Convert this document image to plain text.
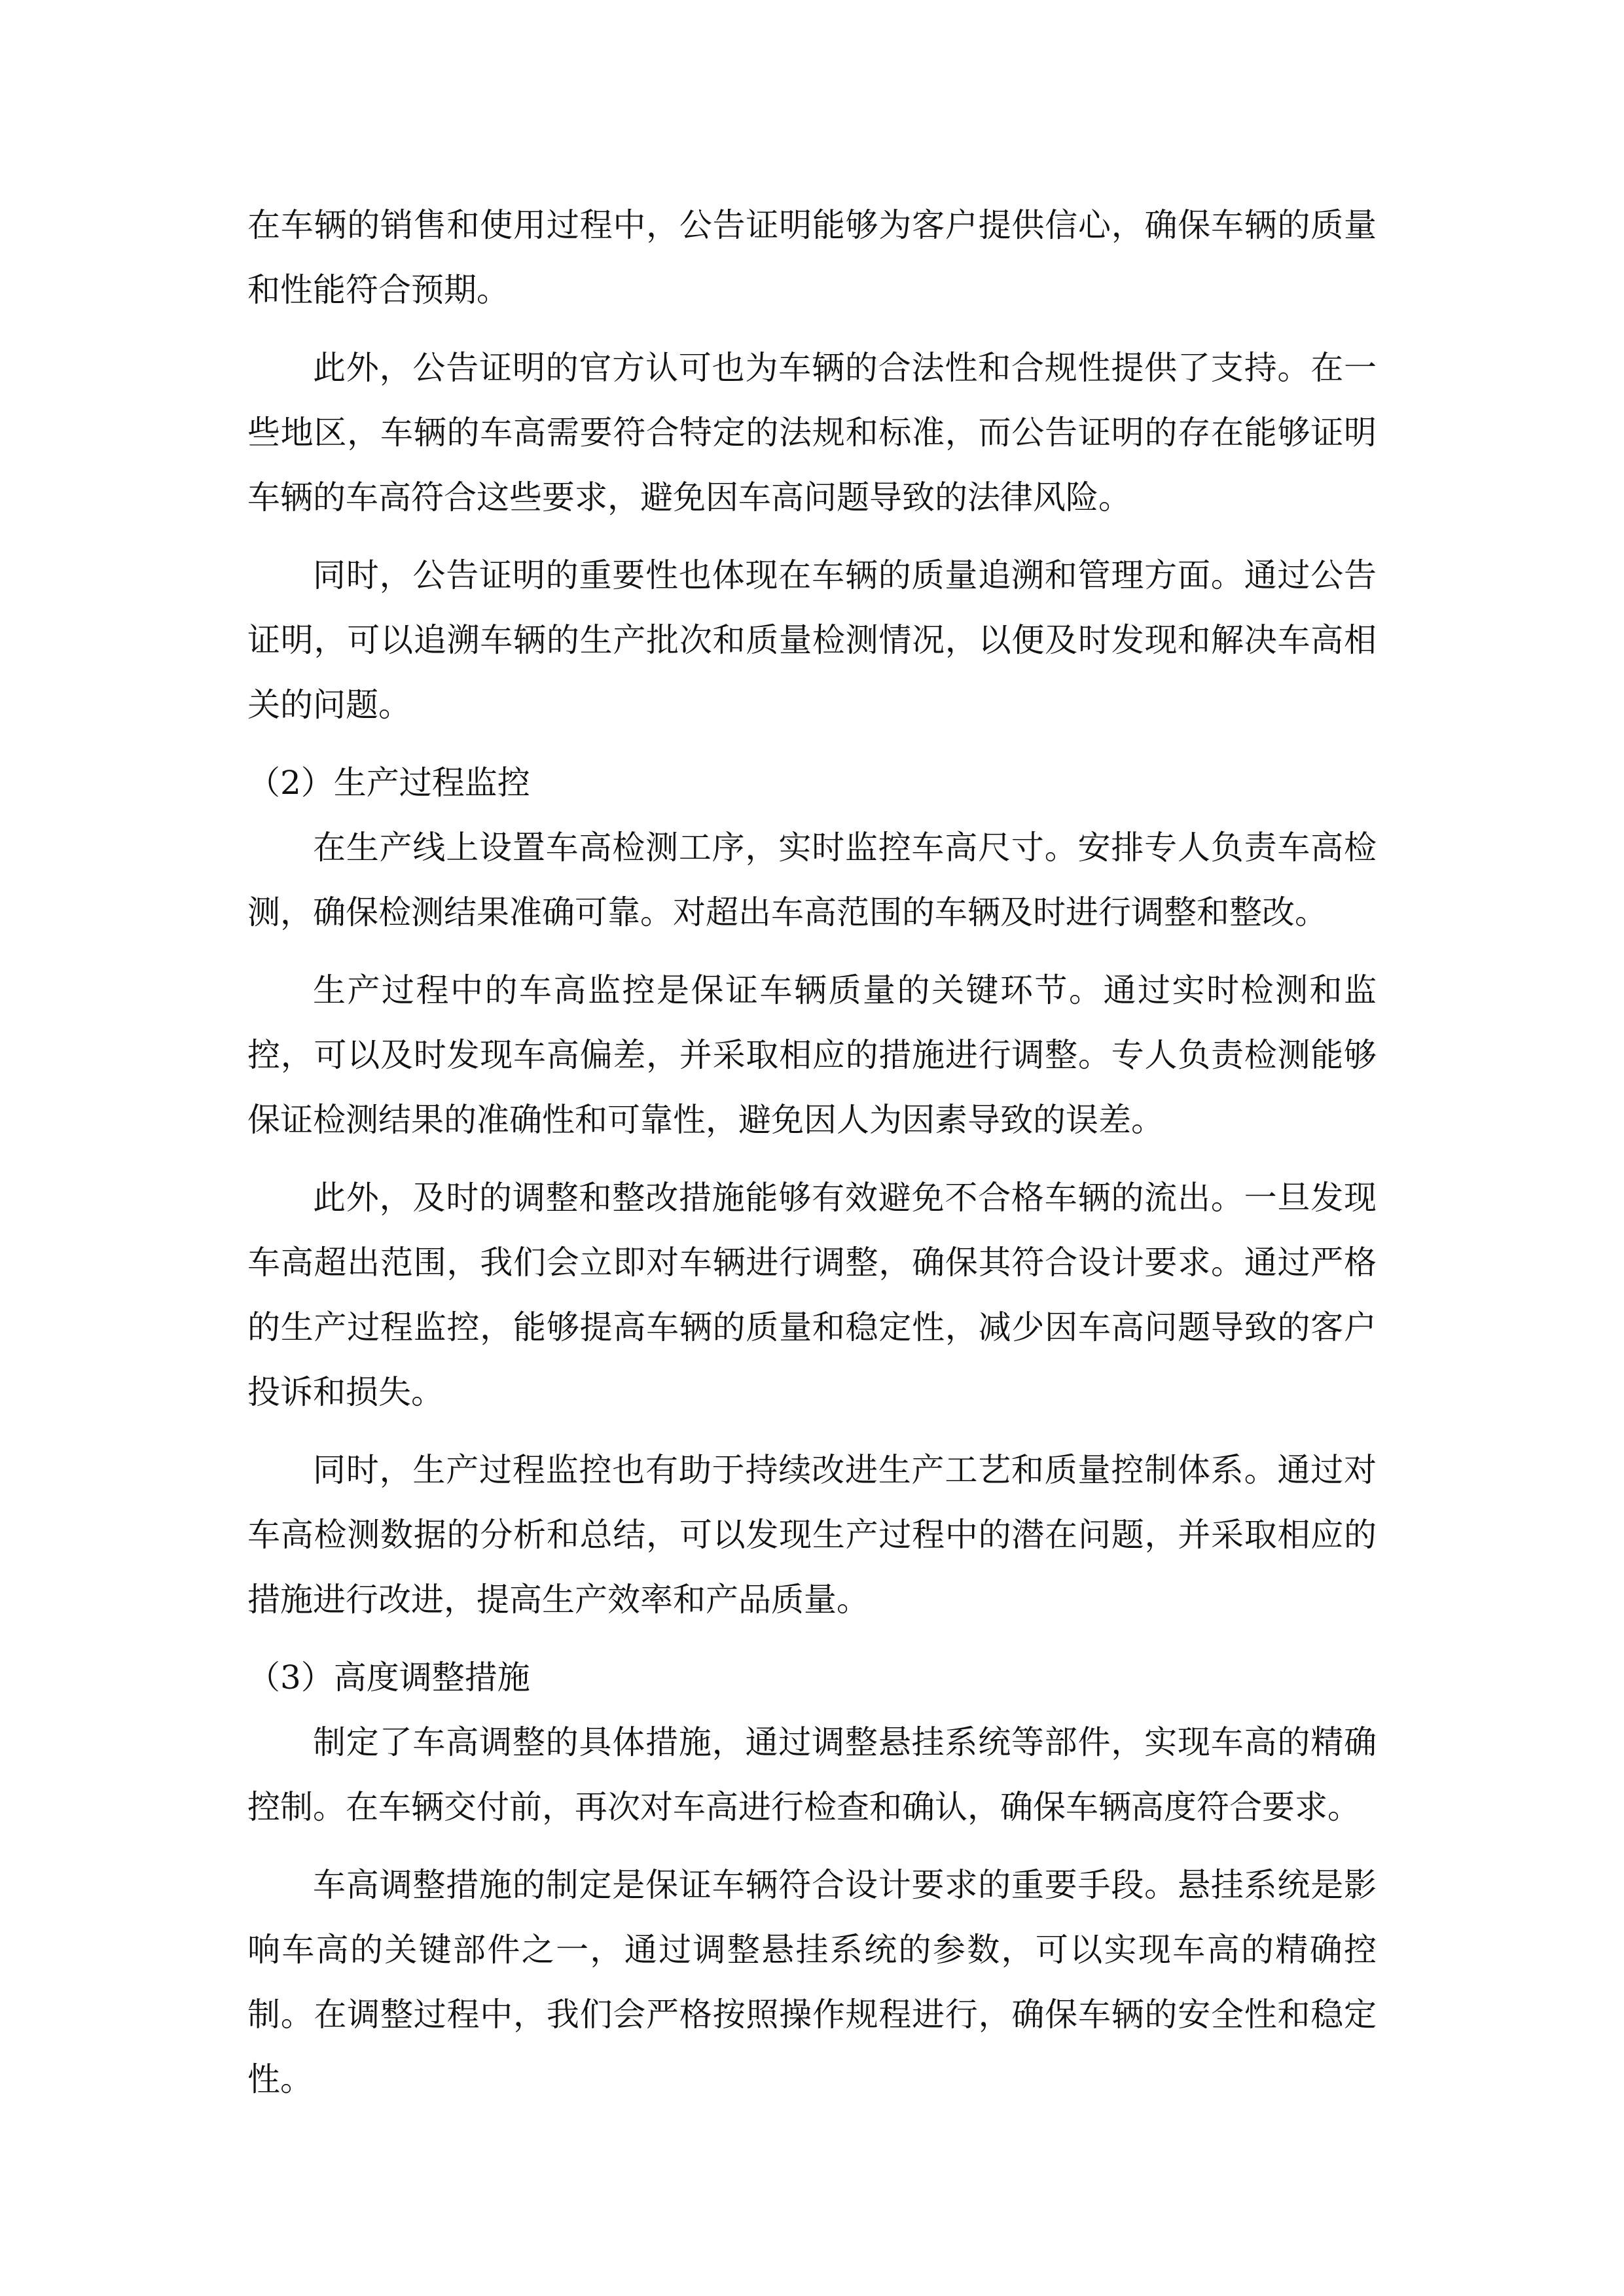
在车辆的销售和使用过程中，公告证明能够为客户提供信心，确保车辆的质量和性能符合预期。

此外，公告证明的官方认可也为车辆的合法性和合规性提供了支持。在一些地区，车辆的车高需要符合特定的法规和标准，而公告证明的存在能够证明车辆的车高符合这些要求，避免因车高问题导致的法律风险。

同时，公告证明的重要性也体现在车辆的质量追溯和管理方面。通过公告证明，可以追溯车辆的生产批次和质量检测情况，以便及时发现和解决车高相关的问题。

（2）生产过程监控

在生产线上设置车高检测工序，实时监控车高尺寸。安排专人负责车高检测，确保检测结果准确可靠。对超出车高范围的车辆及时进行调整和整改。

生产过程中的车高监控是保证车辆质量的关键环节。通过实时检测和监控，可以及时发现车高偏差，并采取相应的措施进行调整。专人负责检测能够保证检测结果的准确性和可靠性，避免因人为因素导致的误差。

此外，及时的调整和整改措施能够有效避免不合格车辆的流出。一旦发现车高超出范围，我们会立即对车辆进行调整，确保其符合设计要求。通过严格的生产过程监控，能够提高车辆的质量和稳定性，减少因车高问题导致的客户投诉和损失。

同时，生产过程监控也有助于持续改进生产工艺和质量控制体系。通过对车高检测数据的分析和总结，可以发现生产过程中的潜在问题，并采取相应的措施进行改进，提高生产效率和产品质量。

（3）高度调整措施

制定了车高调整的具体措施，通过调整悬挂系统等部件，实现车高的精确控制。在车辆交付前，再次对车高进行检查和确认，确保车辆高度符合要求。

车高调整措施的制定是保证车辆符合设计要求的重要手段。悬挂系统是影响车高的关键部件之一，通过调整悬挂系统的参数，可以实现车高的精确控制。在调整过程中，我们会严格按照操作规程进行，确保车辆的安全性和稳定性。
